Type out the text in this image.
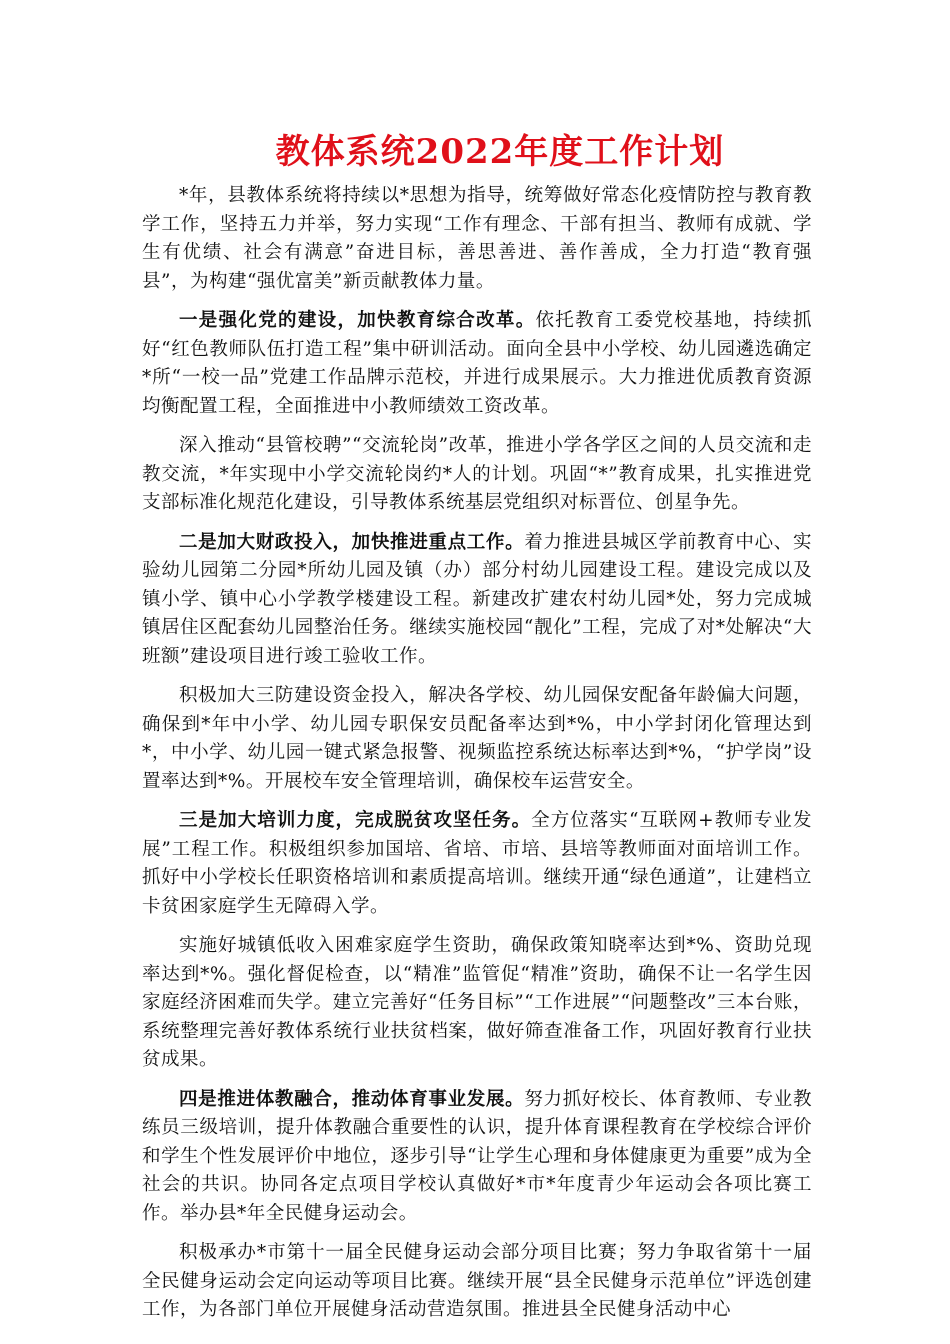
教体系统2022年度工作计划

*年，县教体系统将持续以*思想为指导，统筹做好常态化疫情防控与教育教学工作，坚持五力并举，努力实现“工作有理念、干部有担当、教师有成就、学生有优绩、社会有满意”奋进目标，善思善进、善作善成，全力打造“教育强县”，为构建“强优富美”新贡献教体力量。

一是强化党的建设，加快教育综合改革。依托教育工委党校基地，持续抓好“红色教师队伍打造工程”集中研训活动。面向全县中小学校、幼儿园遴选确定*所“一校一品”党建工作品牌示范校，并进行成果展示。大力推进优质教育资源均衡配置工程，全面推进中小教师绩效工资改革。

深入推动“县管校聘”“交流轮岗”改革，推进小学各学区之间的人员交流和走教交流，*年实现中小学交流轮岗约*人的计划。巩固“*”教育成果，扎实推进党支部标准化规范化建设，引导教体系统基层党组织对标晋位、创星争先。

二是加大财政投入，加快推进重点工作。着力推进县城区学前教育中心、实验幼儿园第二分园*所幼儿园及镇（办）部分村幼儿园建设工程。建设完成以及镇小学、镇中心小学教学楼建设工程。新建改扩建农村幼儿园*处，努力完成城镇居住区配套幼儿园整治任务。继续实施校园“靓化”工程，完成了对*处解决“大班额”建设项目进行竣工验收工作。

积极加大三防建设资金投入，解决各学校、幼儿园保安配备年龄偏大问题，确保到*年中小学、幼儿园专职保安员配备率达到*%，中小学封闭化管理达到*，中小学、幼儿园一键式紧急报警、视频监控系统达标率达到*%，“护学岗”设置率达到*%。开展校车安全管理培训，确保校车运营安全。

三是加大培训力度，完成脱贫攻坚任务。全方位落实“互联网+教师专业发展”工程工作。积极组织参加国培、省培、市培、县培等教师面对面培训工作。抓好中小学校长任职资格培训和素质提高培训。继续开通“绿色通道”，让建档立卡贫困家庭学生无障碍入学。

实施好城镇低收入困难家庭学生资助，确保政策知晓率达到*%、资助兑现率达到*%。强化督促检查，以“精准”监管促“精准”资助，确保不让一名学生因家庭经济困难而失学。建立完善好“任务目标”“工作进展”“问题整改”三本台账，系统整理完善好教体系统行业扶贫档案，做好筛查准备工作，巩固好教育行业扶贫成果。

四是推进体教融合，推动体育事业发展。努力抓好校长、体育教师、专业教练员三级培训，提升体教融合重要性的认识，提升体育课程教育在学校综合评价和学生个性发展评价中地位，逐步引导“让学生心理和身体健康更为重要”成为全社会的共识。协同各定点项目学校认真做好*市*年度青少年运动会各项比赛工作。举办县*年全民健身运动会。

积极承办*市第十一届全民健身运动会部分项目比赛；努力争取省第十一届全民健身运动会定向运动等项目比赛。继续开展“县全民健身示范单位”评选创建工作，为各部门单位开展健身活动营造氛围。推进县全民健身活动中心
